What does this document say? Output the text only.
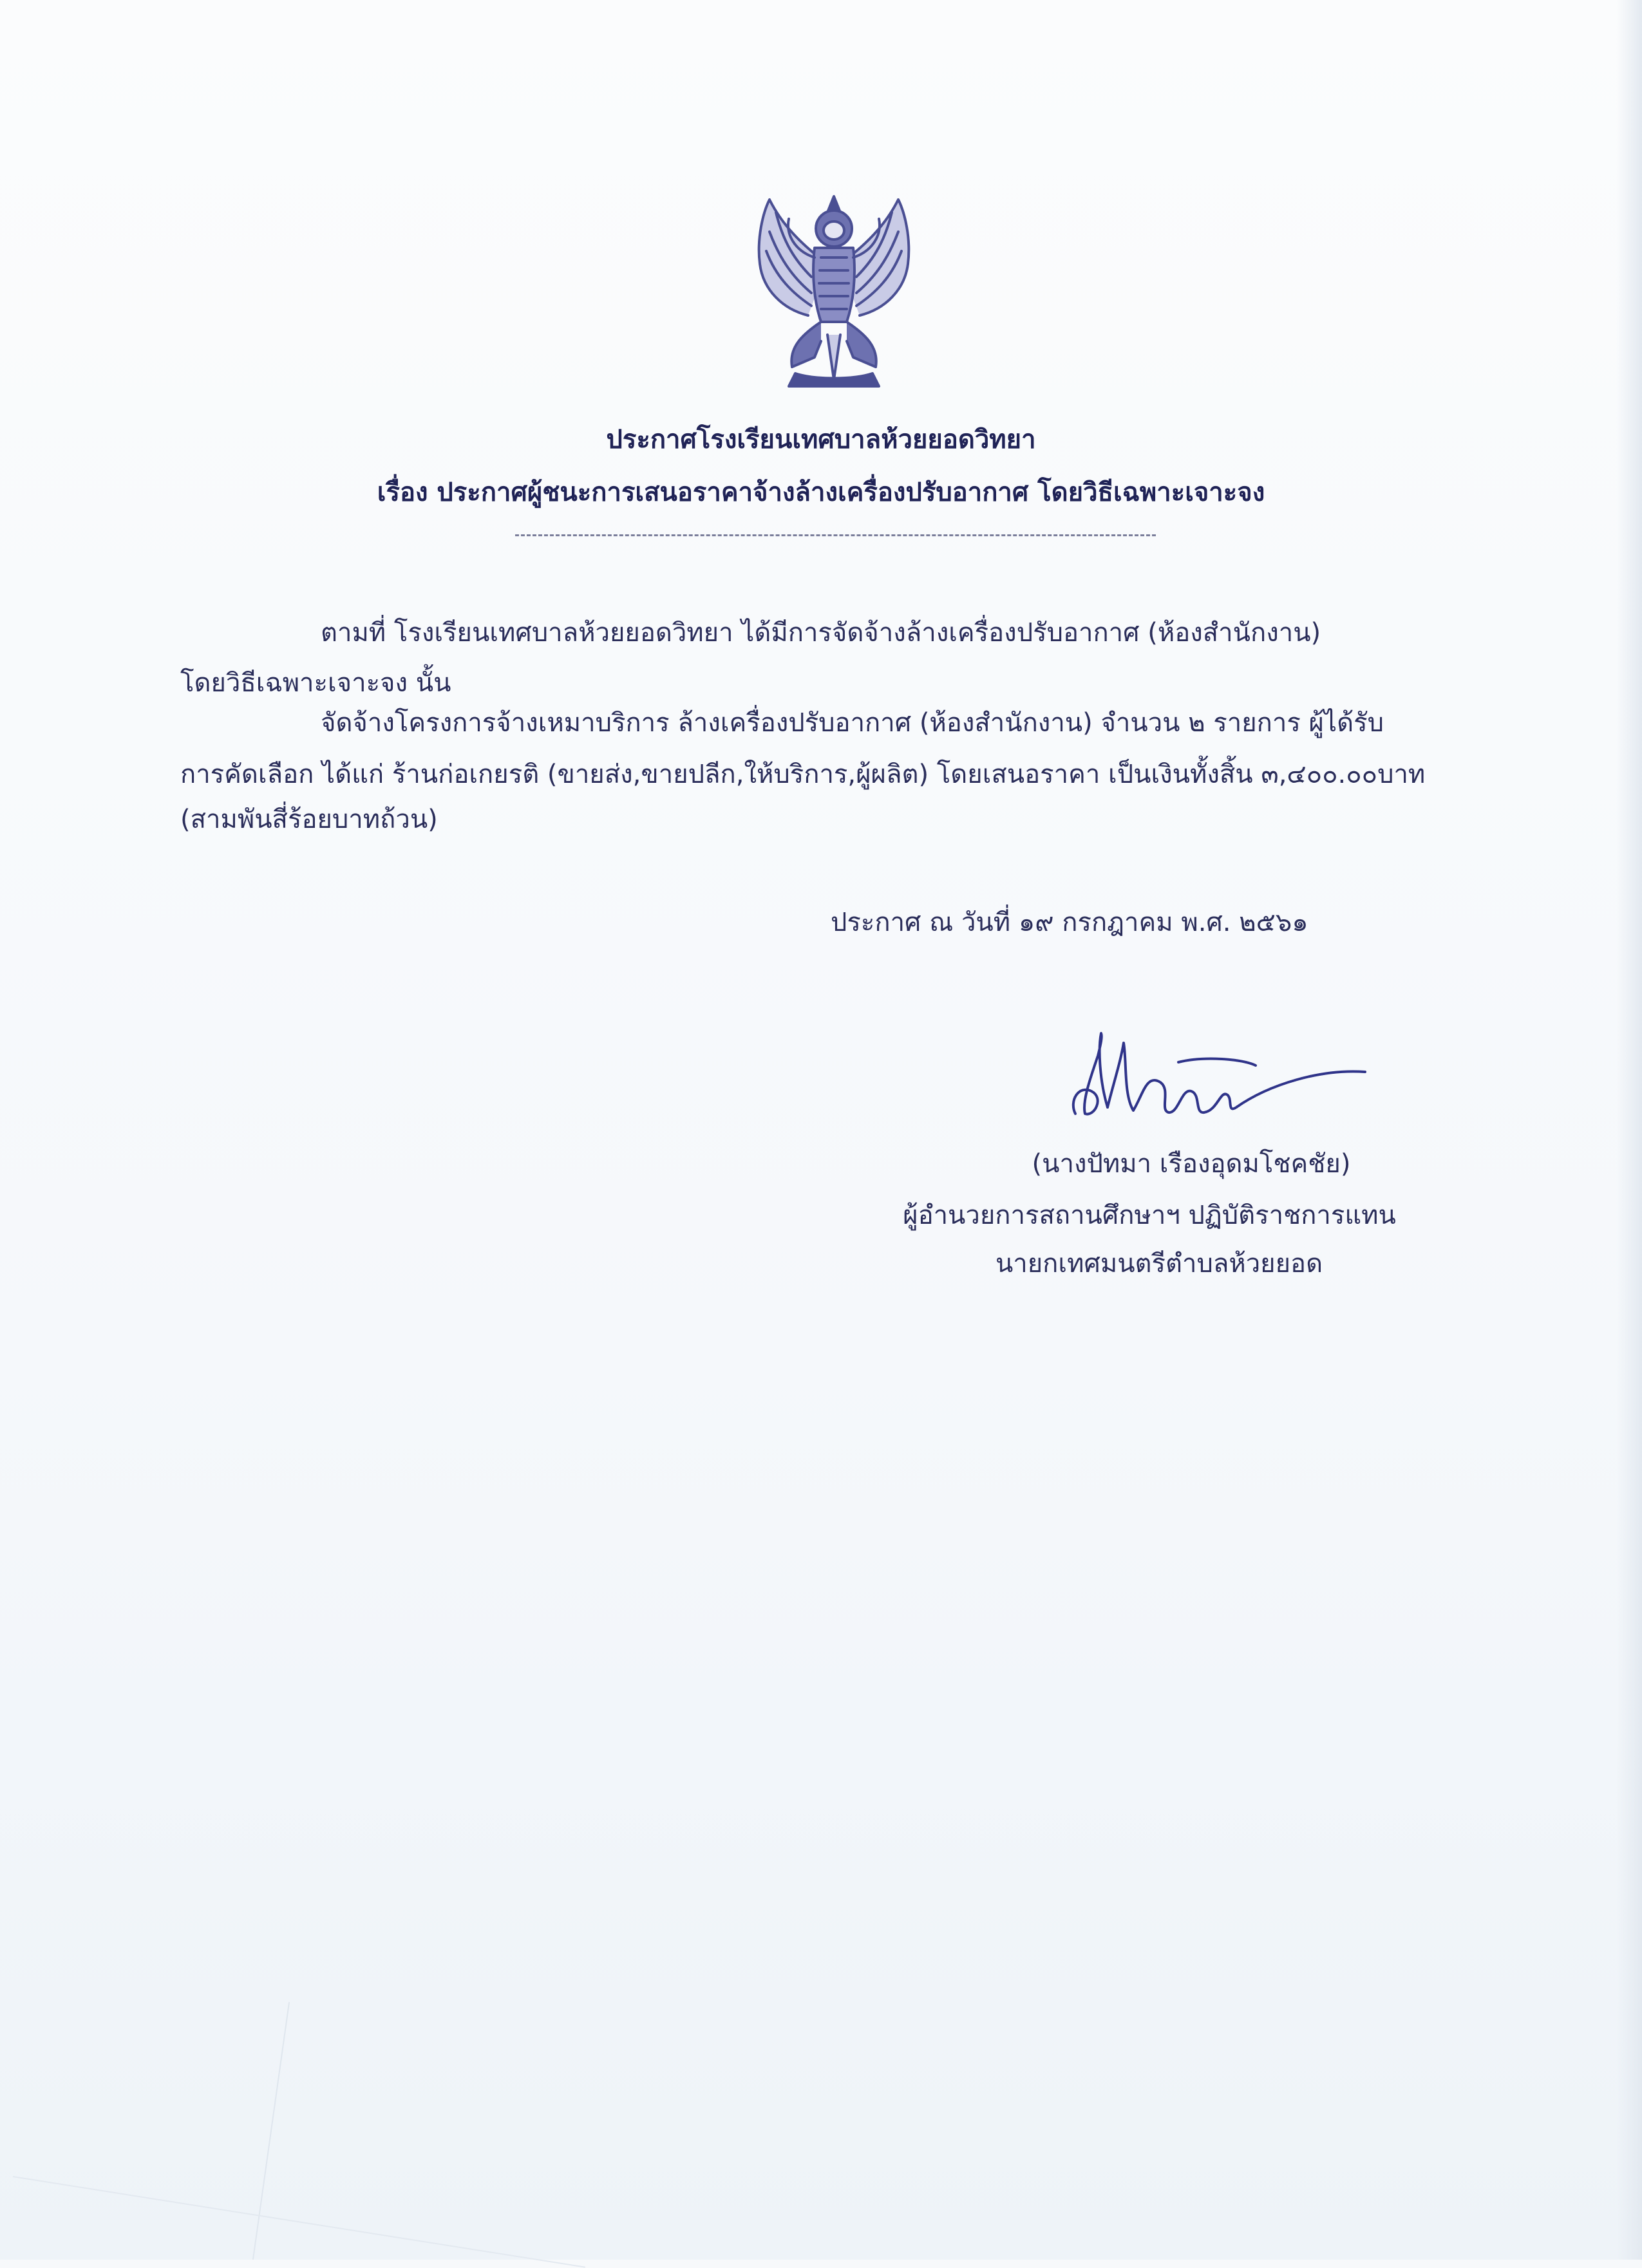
ประกาศโรงเรียนเทศบาลห้วยยอดวิทยา
เรื่อง ประกาศผู้ชนะการเสนอราคาจ้างล้างเครื่องปรับอากาศ โดยวิธีเฉพาะเจาะจง
ตามที่ โรงเรียนเทศบาลห้วยยอดวิทยา ได้มีการจัดจ้างล้างเครื่องปรับอากาศ (ห้องสำนักงาน)
โดยวิธีเฉพาะเจาะจง นั้น
จัดจ้างโครงการจ้างเหมาบริการ ล้างเครื่องปรับอากาศ (ห้องสำนักงาน) จำนวน ๒ รายการ ผู้ได้รับ
การคัดเลือก ได้แก่ ร้านก่อเกยรติ (ขายส่ง,ขายปลีก,ให้บริการ,ผู้ผลิต) โดยเสนอราคา เป็นเงินทั้งสิ้น ๓,๔๐๐.๐๐บาท
(สามพันสี่ร้อยบาทถ้วน)
ประกาศ ณ วันที่ ๑๙ กรกฎาคม พ.ศ. ๒๕๖๑
(นางปัทมา เรืองอุดมโชคชัย)
ผู้อำนวยการสถานศึกษาฯ ปฏิบัติราชการแทน
นายกเทศมนตรีตำบลห้วยยอด
